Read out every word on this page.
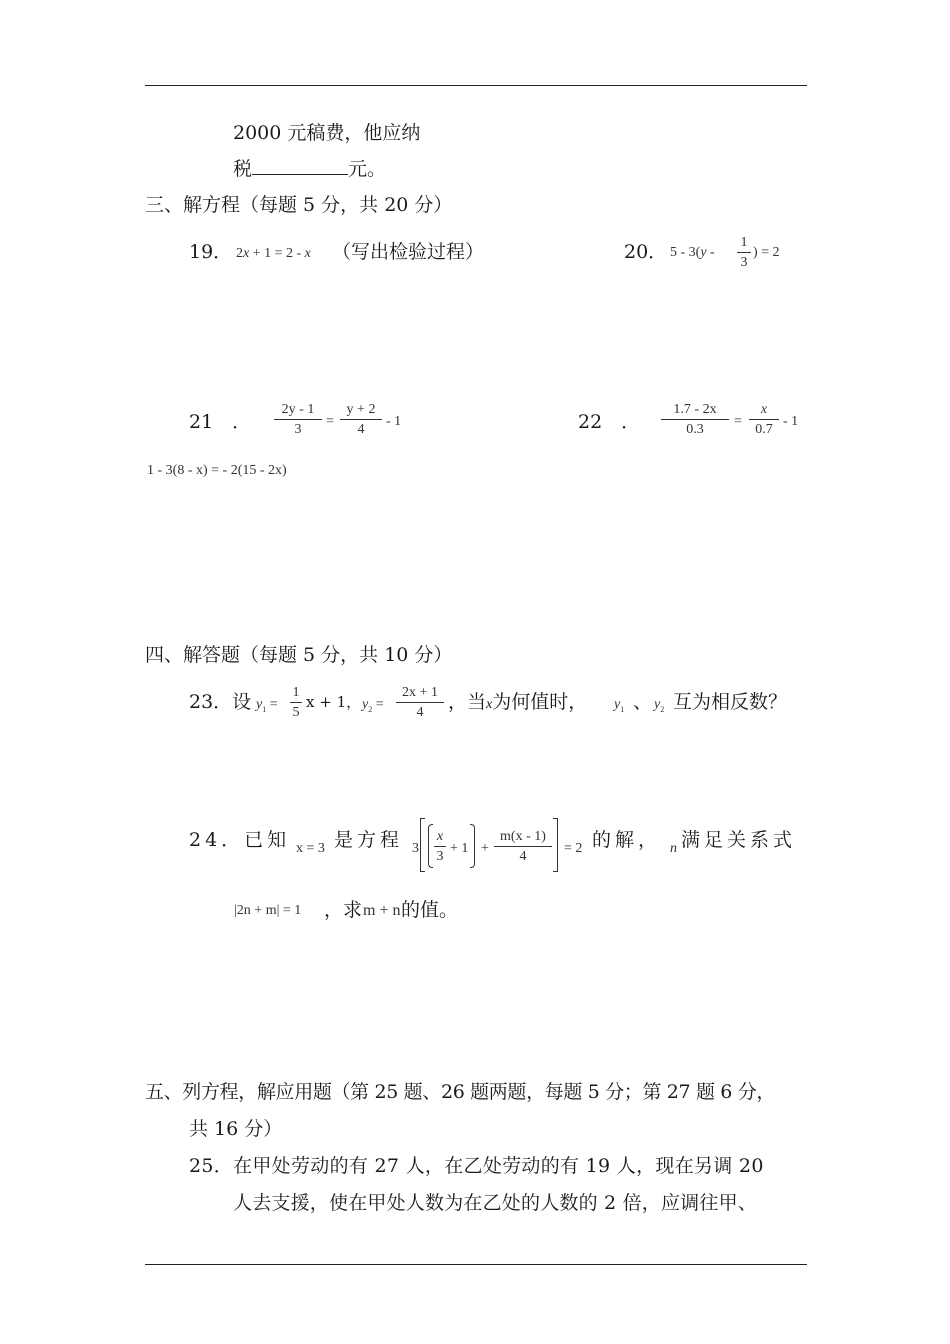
2000 元稿费，他应纳
税	元。
三、解方程（每题 5 分，共 20 分）
19． 2x + 1 = 2 - x （写出检验过程）	20． 5 - 3(y -
1
3
) = 2
21　．
2y - 1
3
=
y + 2
4
- 1	22　．
1.7 - 2x
0.3
=
x
0.7
- 1
1 - 3(8 - x) = - 2(15 - 2x)
四、解答题（每题 5 分，共 10 分）
23．设 $y_1$ =
1
5
x + 1， $y_2$ =
2x + 1
4	，当x为何值时， $y_1$ 、 $y_2$ 互为相反数？
24．已知 x = 3 是方程 3
x
3
+ 1 +
m(x - 1)
4
= 2 的解， n 满足关系式
|2n + m| = 1 ，求 m + n 的值。
五、列方程，解应用题（第 25 题、26 题两题，每题 5 分；第 27 题 6 分，
共 16 分）
25．在甲处劳动的有 27 人，在乙处劳动的有 19 人，现在另调 20
人去支援，使在甲处人数为在乙处的人数的 2 倍，应调往甲、
